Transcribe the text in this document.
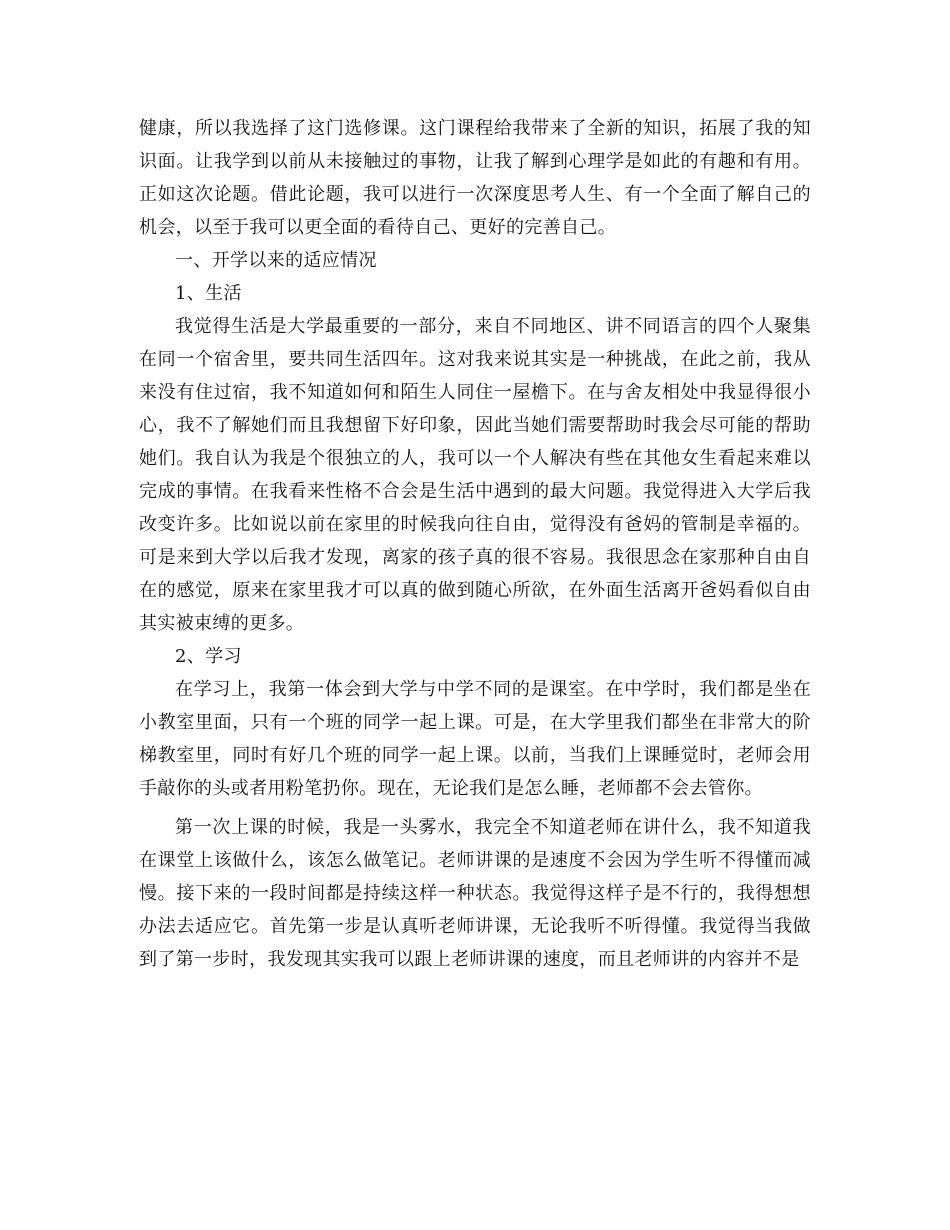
健康，所以我选择了这门选修课。这门课程给我带来了全新的知识，拓展了我的知识面。让我学到以前从未接触过的事物，让我了解到心理学是如此的有趣和有用。正如这次论题。借此论题，我可以进行一次深度思考人生、有一个全面了解自己的机会，以至于我可以更全面的看待自己、更好的完善自己。

一、开学以来的适应情况

1、生活

我觉得生活是大学最重要的一部分，来自不同地区、讲不同语言的四个人聚集在同一个宿舍里，要共同生活四年。这对我来说其实是一种挑战，在此之前，我从来没有住过宿，我不知道如何和陌生人同住一屋檐下。在与舍友相处中我显得很小心，我不了解她们而且我想留下好印象，因此当她们需要帮助时我会尽可能的帮助她们。我自认为我是个很独立的人，我可以一个人解决有些在其他女生看起来难以完成的事情。在我看来性格不合会是生活中遇到的最大问题。我觉得进入大学后我改变许多。比如说以前在家里的时候我向往自由，觉得没有爸妈的管制是幸福的。可是来到大学以后我才发现，离家的孩子真的很不容易。我很思念在家那种自由自在的感觉，原来在家里我才可以真的做到随心所欲，在外面生活离开爸妈看似自由其实被束缚的更多。

2、学习

在学习上，我第一体会到大学与中学不同的是课室。在中学时，我们都是坐在小教室里面，只有一个班的同学一起上课。可是，在大学里我们都坐在非常大的阶梯教室里，同时有好几个班的同学一起上课。以前，当我们上课睡觉时，老师会用手敲你的头或者用粉笔扔你。现在，无论我们是怎么睡，老师都不会去管你。

第一次上课的时候，我是一头雾水，我完全不知道老师在讲什么，我不知道我在课堂上该做什么，该怎么做笔记。老师讲课的是速度不会因为学生听不得懂而减慢。接下来的一段时间都是持续这样一种状态。我觉得这样子是不行的，我得想想办法去适应它。首先第一步是认真听老师讲课，无论我听不听得懂。我觉得当我做到了第一步时，我发现其实我可以跟上老师讲课的速度，而且老师讲的内容并不是
